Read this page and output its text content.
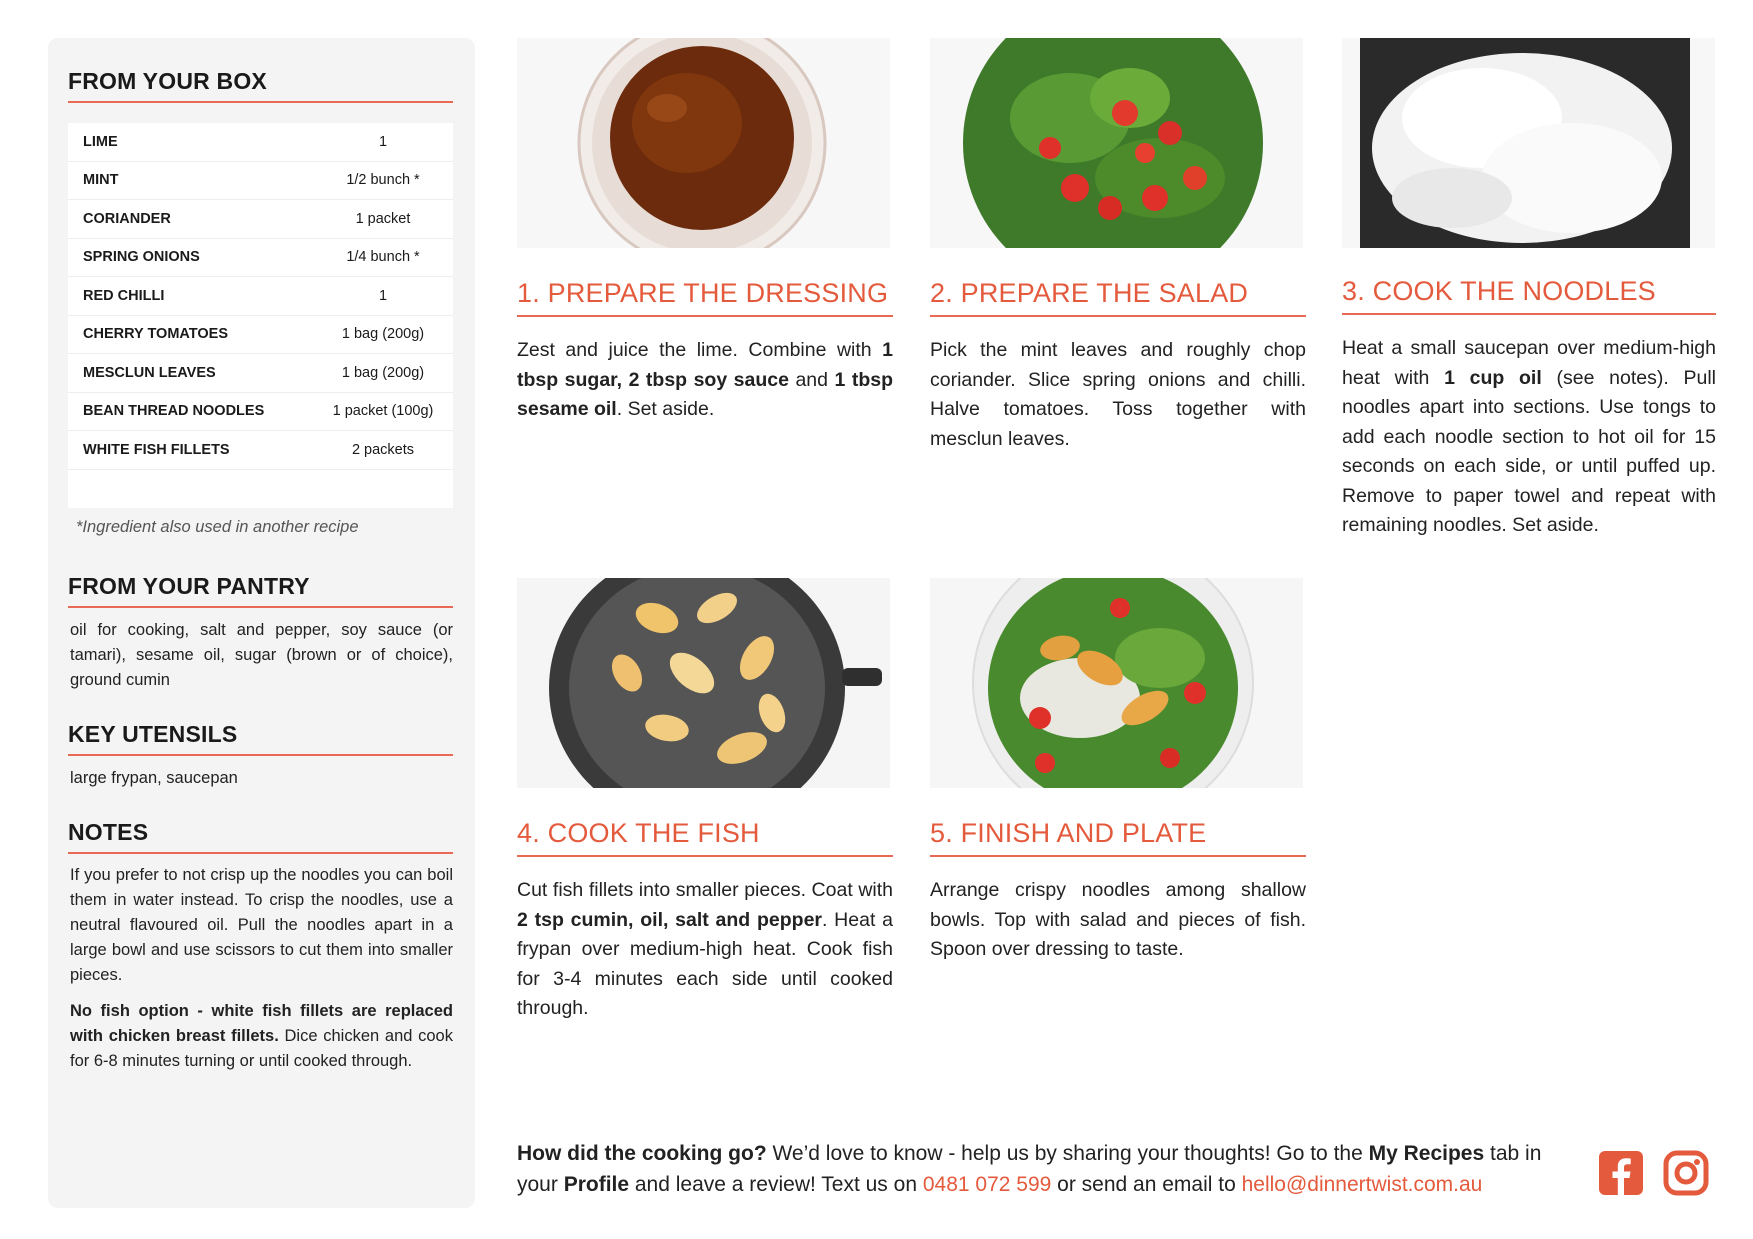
FROM YOUR BOX
LIME	1
MINT	1/2 bunch *
CORIANDER	1 packet
SPRING ONIONS	1/4 bunch *
RED CHILLI	1
CHERRY TOMATOES	1 bag (200g)
MESCLUN LEAVES	1 bag (200g)
BEAN THREAD NOODLES	1 packet (100g)
WHITE FISH FILLETS	2 packets
*Ingredient also used in another recipe
FROM YOUR PANTRY
oil for cooking, salt and pepper, soy sauce (or tamari), sesame oil, sugar (brown or of choice), ground cumin
KEY UTENSILS
large frypan, saucepan
NOTES
If you prefer to not crisp up the noodles you can boil them in water instead. To crisp the noodles, use a neutral flavoured oil. Pull the noodles apart in a large bowl and use scissors to cut them into smaller pieces.
No fish option - white fish fillets are replaced with chicken breast fillets. Dice chicken and cook for 6-8 minutes turning or until cooked through.
1. PREPARE THE DRESSING
Zest and juice the lime. Combine with 1 tbsp sugar, 2 tbsp soy sauce and 1 tbsp sesame oil. Set aside.
2. PREPARE THE SALAD
Pick the mint leaves and roughly chop coriander. Slice spring onions and chilli. Halve tomatoes. Toss together with mesclun leaves.
3. COOK THE NOODLES
Heat a small saucepan over medium-high heat with 1 cup oil (see notes). Pull noodles apart into sections. Use tongs to add each noodle section to hot oil for 15 seconds on each side, or until puffed up. Remove to paper towel and repeat with remaining noodles. Set aside.
4. COOK THE FISH
Cut fish fillets into smaller pieces. Coat with 2 tsp cumin, oil, salt and pepper. Heat a frypan over medium-high heat. Cook fish for 3-4 minutes each side until cooked through.
5. FINISH AND PLATE
Arrange crispy noodles among shallow bowls. Top with salad and pieces of fish. Spoon over dressing to taste.
How did the cooking go? We’d love to know - help us by sharing your thoughts! Go to the My Recipes tab in your Profile and leave a review! Text us on 0481 072 599 or send an email to hello@dinnertwist.com.au
